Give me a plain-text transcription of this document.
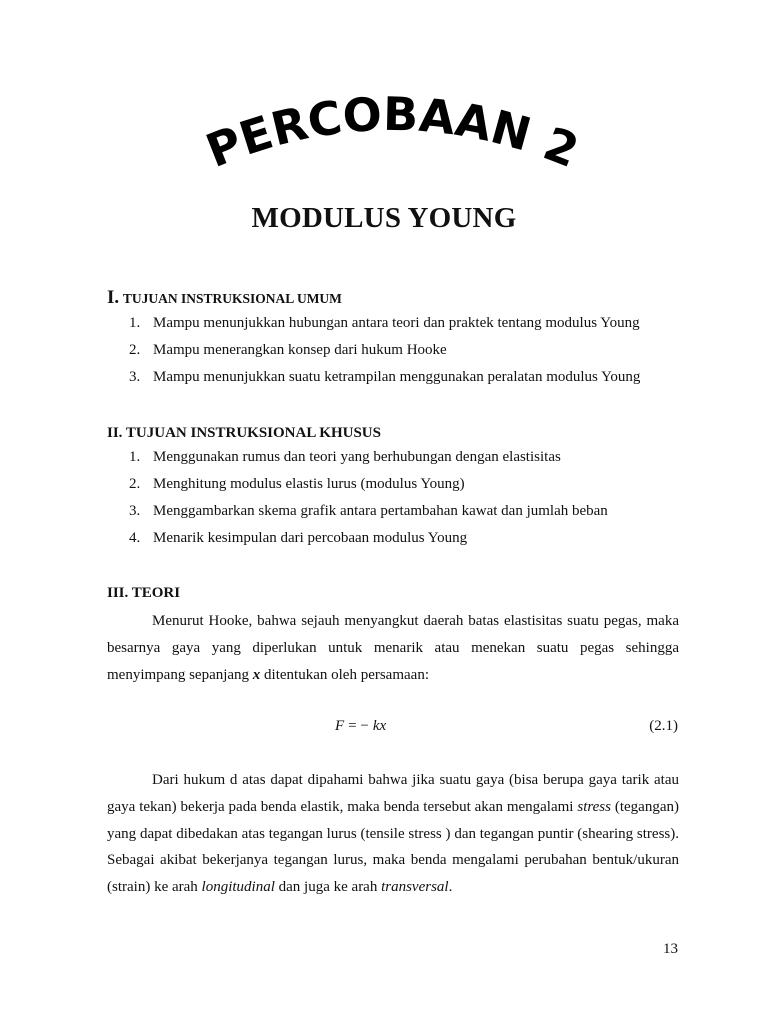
PERCOBAAN 2
MODULUS YOUNG

I. TUJUAN INSTRUKSIONAL UMUM

1. Mampu menunjukkan hubungan antara teori dan praktek tentang modulus Young
2. Mampu menerangkan konsep dari hukum Hooke
3. Mampu menunjukkan suatu ketrampilan menggunakan peralatan modulus Young

II. TUJUAN INSTRUKSIONAL KHUSUS

1. Menggunakan rumus dan teori yang berhubungan dengan elastisitas
2. Menghitung modulus elastis lurus (modulus Young)
3. Menggambarkan skema grafik antara pertambahan kawat dan jumlah beban
4. Menarik kesimpulan dari percobaan modulus Young

III. TEORI

Menurut Hooke, bahwa sejauh menyangkut daerah batas elastisitas suatu pegas, maka besarnya gaya yang diperlukan untuk menarik atau menekan suatu pegas sehingga menyimpang sepanjang x ditentukan oleh persamaan:

F = − kx	(2.1)

Dari hukum d atas dapat dipahami bahwa jika suatu gaya (bisa berupa gaya tarik atau gaya tekan) bekerja pada benda elastik, maka benda tersebut akan mengalami stress (tegangan) yang dapat dibedakan atas tegangan lurus (tensile stress ) dan tegangan puntir (shearing stress). Sebagai akibat bekerjanya tegangan lurus, maka benda mengalami perubahan bentuk/ukuran (strain) ke arah longitudinal dan juga ke arah transversal.

13
